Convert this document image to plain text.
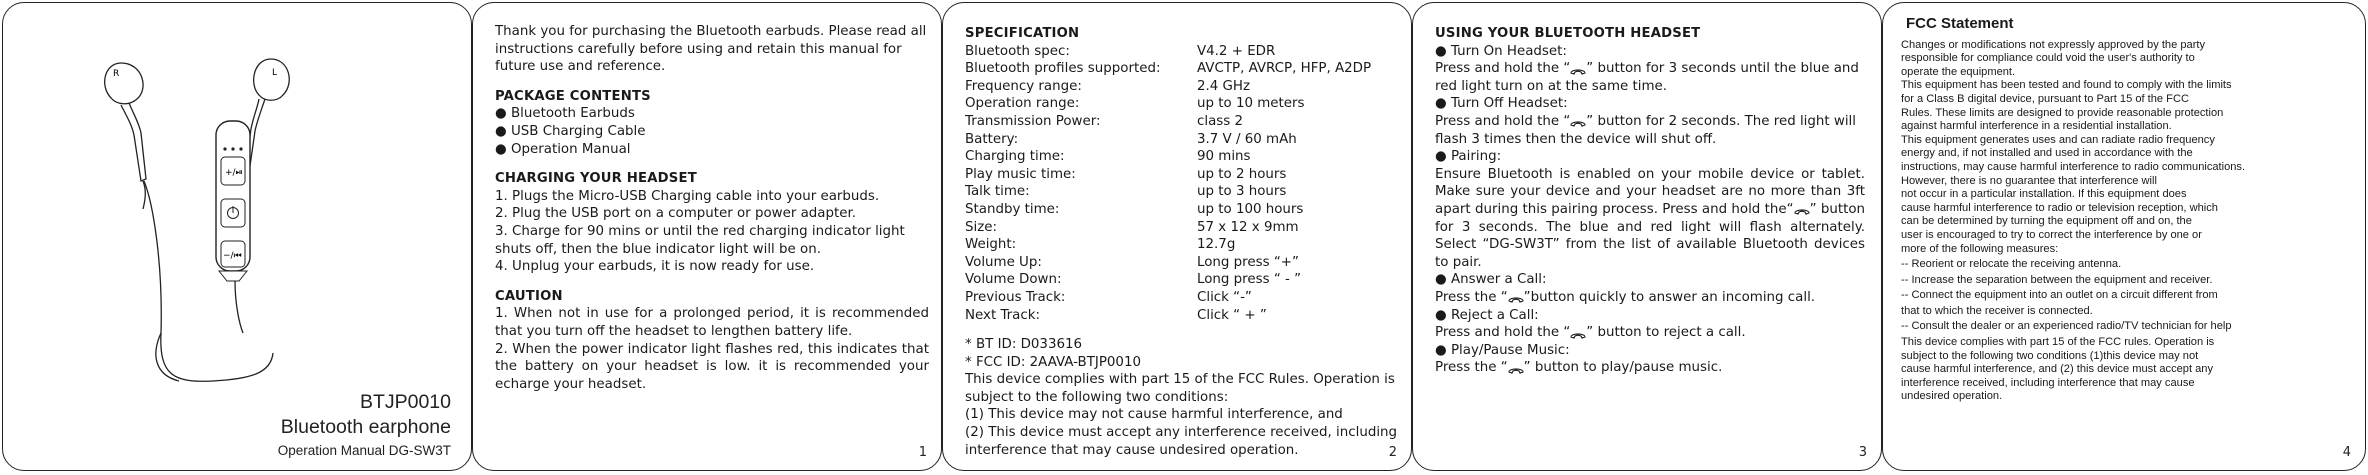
R	L
+/⏯
−/⏮
BTJP0010
Bluetooth earphone
Operation Manual DG-SW3T

Thank you for purchasing the Bluetooth earbuds. Please read all instructions carefully before using and retain this manual for future use and reference.

PACKAGE CONTENTS

● Bluetooth Earbuds

● USB Charging Cable

● Operation Manual

CHARGING YOUR HEADSET

1. Plugs the Micro-USB Charging cable into your earbuds.

2. Plug the USB port on a computer or power adapter.

3. Charge for 90 mins or until the red charging indicator light shuts off, then the blue indicator light will be on.

4. Unplug your earbuds, it is now ready for use.

CAUTION

1. When not in use for a prolonged period, it is recommended that you turn off the headset to lengthen battery life.

2. When the power indicator light flashes red, this indicates that the battery on your headset is low. it is recommended your echarge your headset.

1

SPECIFICATION

Bluetooth spec:	V4.2 + EDR
Bluetooth profiles supported:	AVCTP, AVRCP, HFP, A2DP
Frequency range:	2.4 GHz
Operation range:	up to 10 meters
Transmission Power:	class 2
Battery:	3.7 V / 60 mAh
Charging time:	90 mins
Play music time:	up to 2 hours
Talk time:	up to 3 hours
Standby time:	up to 100 hours
Size:	57 x 12 x 9mm
Weight:	12.7g
Volume Up:	Long press “+”
Volume Down:	Long press “ - ”
Previous Track:	Click “-”
Next Track:	Click “ + ”

* BT ID: D033616

* FCC ID: 2AAVA-BTJP0010

This device complies with part 15 of the FCC Rules. Operation is subject to the following two conditions:

(1) This device may not cause harmful interference, and

(2) This device must accept any interference received, including interference that may cause undesired operation.	2

USING YOUR BLUETOOTH HEADSET

● Turn On Headset:

Press and hold the “ ” button for 3 seconds until the blue and red light turn on at the same time.

● Turn Off Headset:

Press and hold the “ ” button for 2 seconds. The red light will flash 3 times then the device will shut off.

● Pairing:

Ensure Bluetooth is enabled on your mobile device or tablet. Make sure your device and your headset are no more than 3ft apart during this pairing process. Press and hold the“ ” button for 3 seconds. The blue and red light will flash alternately. Select “DG-SW3T” from the list of available Bluetooth devices to pair.

● Answer a Call:

Press the “ ”button quickly to answer an incoming call.

● Reject a Call:

Press and hold the “ ” button to reject a call.

● Play/Pause Music:

Press the “ ” button to play/pause music.

3

FCC Statement

Changes or modifications not expressly approved by the party

responsible for compliance could void the user's authority to

operate the equipment.

This equipment has been tested and found to comply with the limits

for a Class B digital device, pursuant to Part 15 of the FCC

Rules. These limits are designed to provide reasonable protection

against harmful interference in a residential installation.

This equipment generates uses and can radiate radio frequency

energy and, if not installed and used in accordance with the

instructions, may cause harmful interference to radio communications.

However, there is no guarantee that interference will

not occur in a particular installation. If this equipment does

cause harmful interference to radio or television reception, which

can be determined by turning the equipment off and on, the

user is encouraged to try to correct the interference by one or

more of the following measures:

-- Reorient or relocate the receiving antenna.

-- Increase the separation between the equipment and receiver.

-- Connect the equipment into an outlet on a circuit different from

that to which the receiver is connected.

-- Consult the dealer or an experienced radio/TV technician for help

This device complies with part 15 of the FCC rules. Operation is

subject to the following two conditions (1)this device may not

cause harmful interference, and (2) this device must accept any

interference received, including interference that may cause

undesired operation.

4
